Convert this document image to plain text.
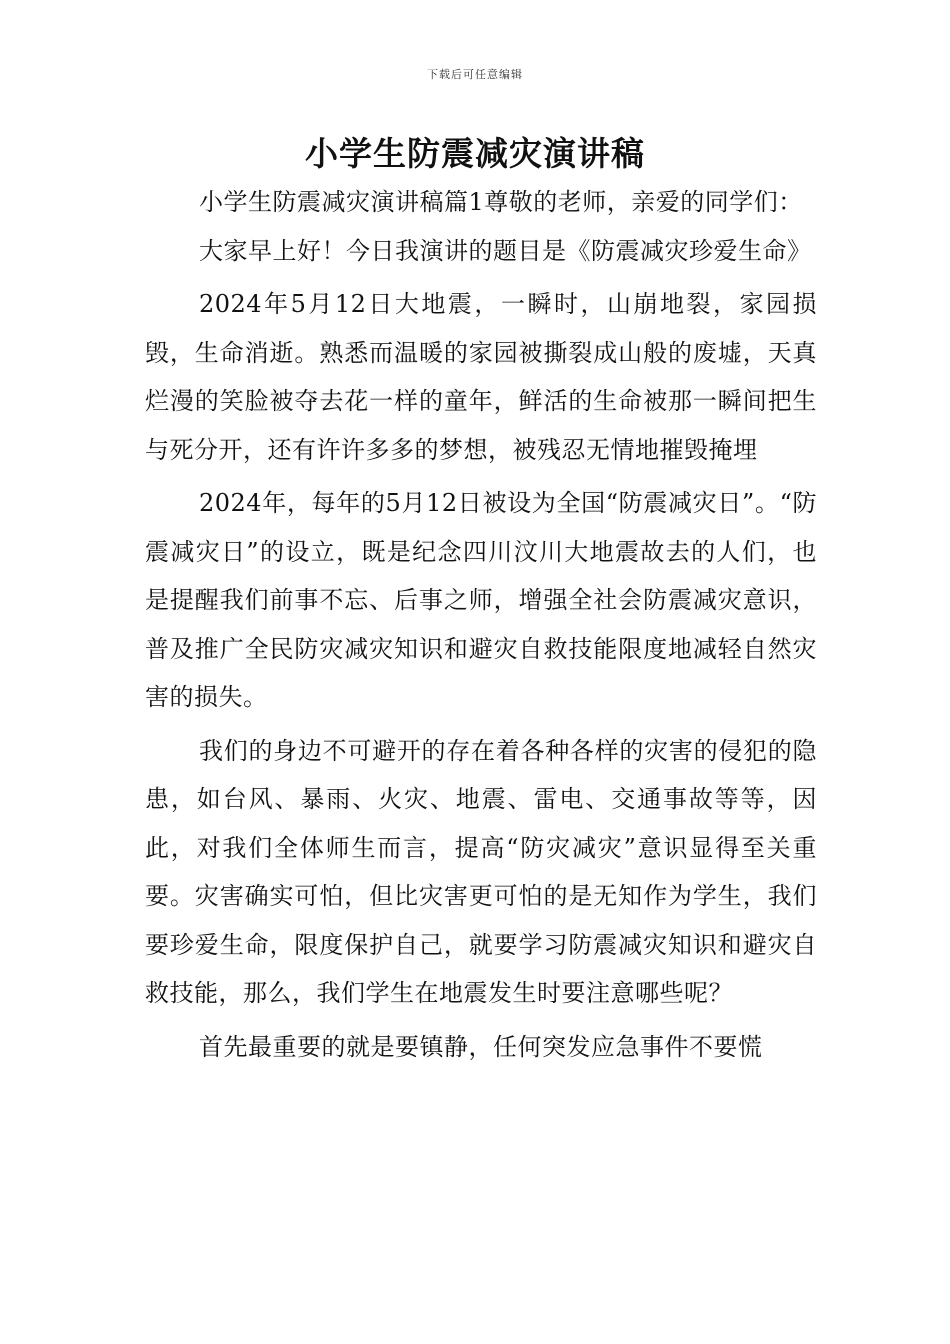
下载后可任意编辑
小学生防震减灾演讲稿

小学生防震减灾演讲稿篇1尊敬的老师，亲爱的同学们：

大家早上好！今日我演讲的题目是《防震减灾珍爱生命》

2024年5月12日大地震，一瞬时，山崩地裂，家园损毁，生命消逝。熟悉而温暖的家园被撕裂成山般的废墟，天真烂漫的笑脸被夺去花一样的童年，鲜活的生命被那一瞬间把生与死分开，还有许许多多的梦想，被残忍无情地摧毁掩埋

2024年，每年的5月12日被设为全国“防震减灾日”。“防震减灾日”的设立，既是纪念四川汶川大地震故去的人们，也是提醒我们前事不忘、后事之师，增强全社会防震减灾意识，普及推广全民防灾减灾知识和避灾自救技能限度地减轻自然灾害的损失。

我们的身边不可避开的存在着各种各样的灾害的侵犯的隐患，如台风、暴雨、火灾、地震、雷电、交通事故等等，因此，对我们全体师生而言，提高“防灾减灾”意识显得至关重要。灾害确实可怕，但比灾害更可怕的是无知作为学生，我们要珍爱生命，限度保护自己，就要学习防震减灾知识和避灾自救技能，那么，我们学生在地震发生时要注意哪些呢？

首先最重要的就是要镇静，任何突发应急事件不要慌
